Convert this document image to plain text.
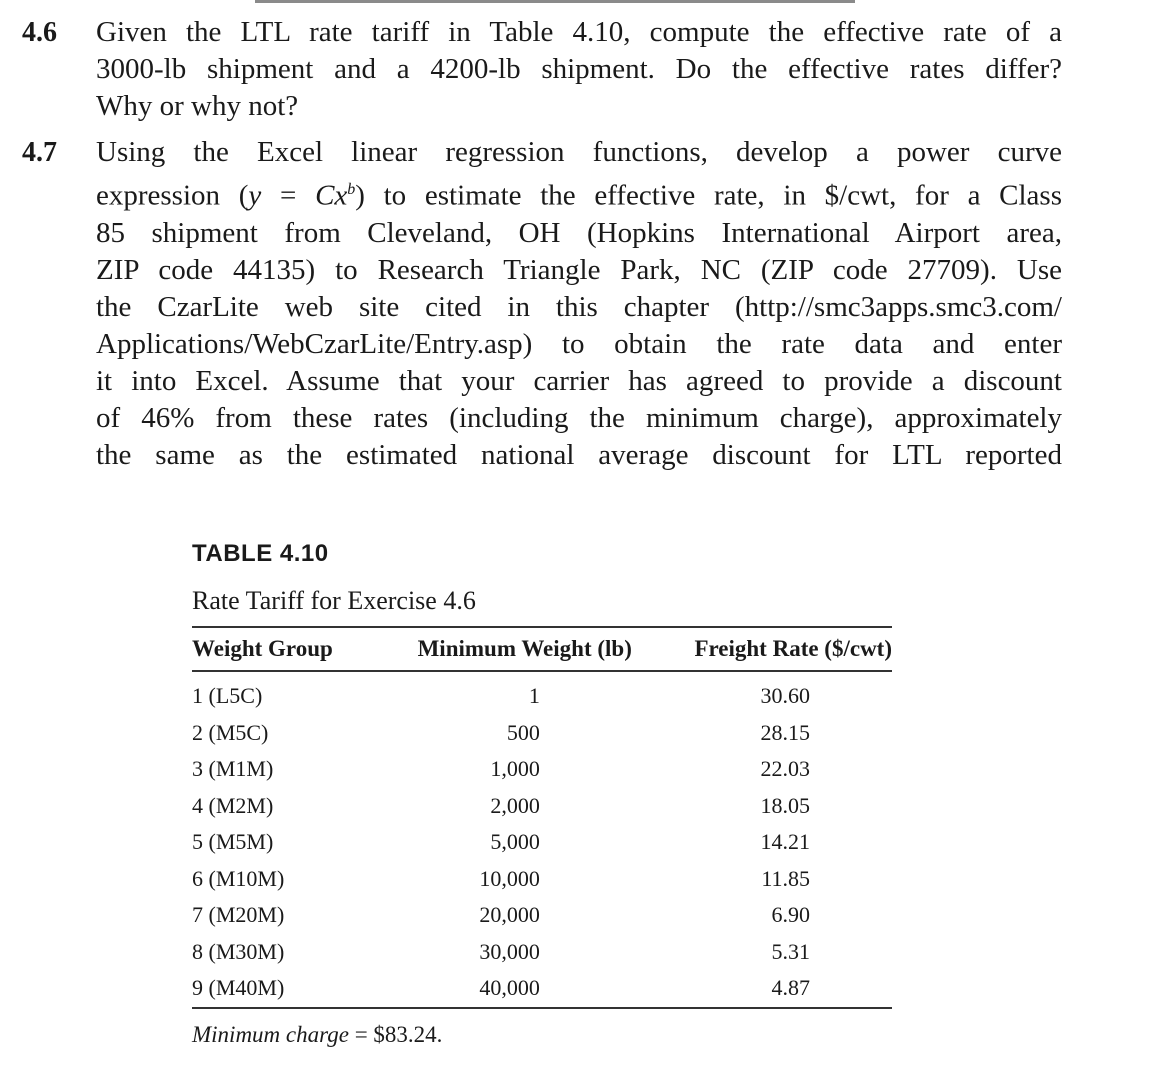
4.6 Given the LTL rate tariff in Table 4.10, compute the effective rate of a
3000-lb shipment and a 4200-lb shipment. Do the effective rates differ?
Why or why not?
4.7 Using the Excel linear regression functions, develop a power curve
expression $(y = Cx^b)$ to estimate the effective rate, in $/cwt, for a Class
85 shipment from Cleveland, OH (Hopkins International Airport area,
ZIP code 44135) to Research Triangle Park, NC (ZIP code 27709). Use
the CzarLite web site cited in this chapter (http://smc3apps.smc3.com/
Applications/WebCzarLite/Entry.asp) to obtain the rate data and enter
it into Excel. Assume that your carrier has agreed to provide a discount
of 46% from these rates (including the minimum charge), approximately
the same as the estimated national average discount for LTL reported
TABLE 4.10
Rate Tariff for Exercise 4.6
Weight Group	Minimum Weight (lb)	Freight Rate ($/cwt)
1 (L5C)	1	30.60
2 (M5C)	500	28.15
3 (M1M)	1,000	22.03
4 (M2M)	2,000	18.05
5 (M5M)	5,000	14.21
6 (M10M)	10,000	11.85
7 (M20M)	20,000	6.90
8 (M30M)	30,000	5.31
9 (M40M)	40,000	4.87
Minimum charge = $83.24.
